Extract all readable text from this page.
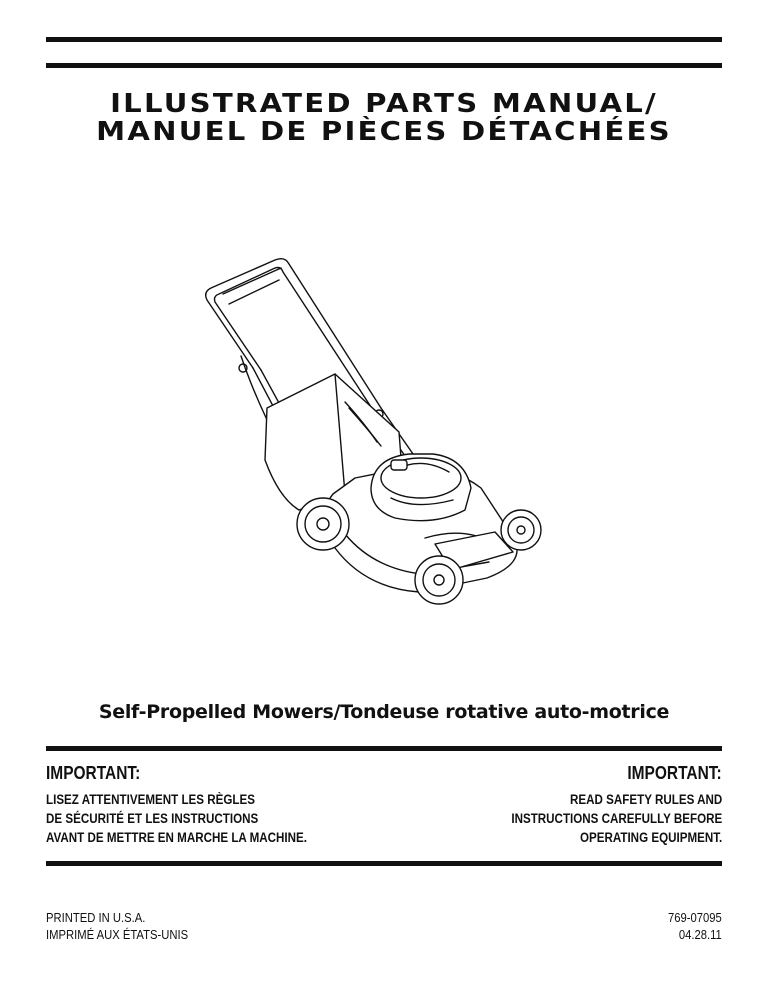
ILLUSTRATED PARTS MANUAL/
MANUEL DE PIÈCES DÉTACHÉES
Self-Propelled Mowers/Tondeuse rotative auto-motrice
IMPORTANT:
LISEZ ATTENTIVEMENT LES RÈGLES
DE SÉCURITÉ ET LES INSTRUCTIONS
AVANT DE METTRE EN MARCHE LA MACHINE.
IMPORTANT:
READ SAFETY RULES AND
INSTRUCTIONS CAREFULLY BEFORE
OPERATING EQUIPMENT.
PRINTED IN U.S.A.
IMPRIMÉ AUX ÉTATS-UNIS
769-07095
04.28.11
